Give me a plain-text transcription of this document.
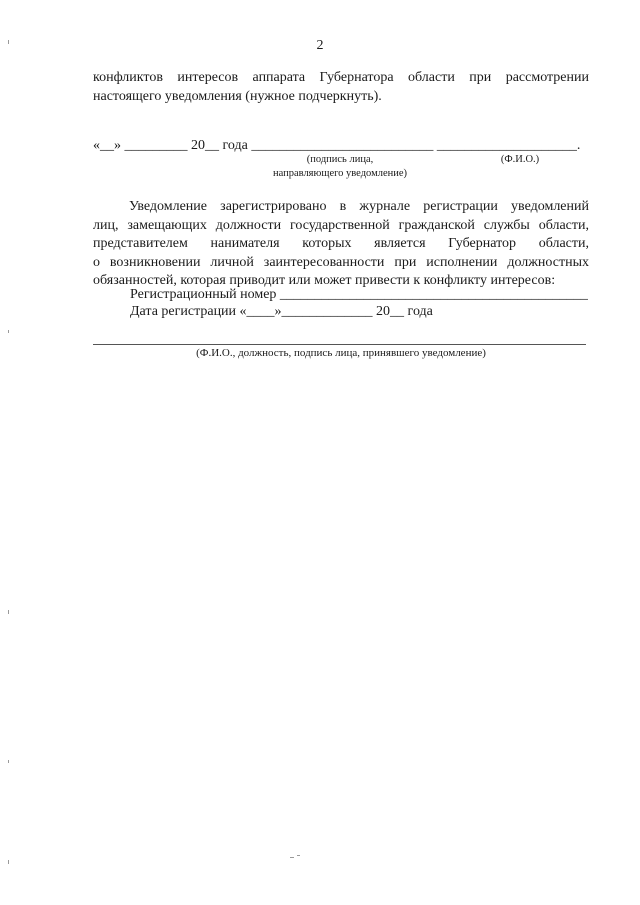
2
конфликтов интересов аппарата Губернатора области при рассмотрении
настоящего уведомления (нужное подчеркнуть).
«__» _________ 20__ года __________________________ ____________________.
(подпись лица,
направляющего уведомление)
(Ф.И.О.)
Уведомление зарегистрировано в журнале регистрации уведомлений
лиц, замещающих должности государственной гражданской службы области,
представителем нанимателя которых является Губернатор области,
о возникновении личной заинтересованности при исполнении должностных
обязанностей, которая приводит или может привести к конфликту интересов:
Регистрационный номер ____________________________________________
Дата регистрации «____»_____________ 20__ года
(Ф.И.О., должность, подпись лица, принявшего уведомление)
